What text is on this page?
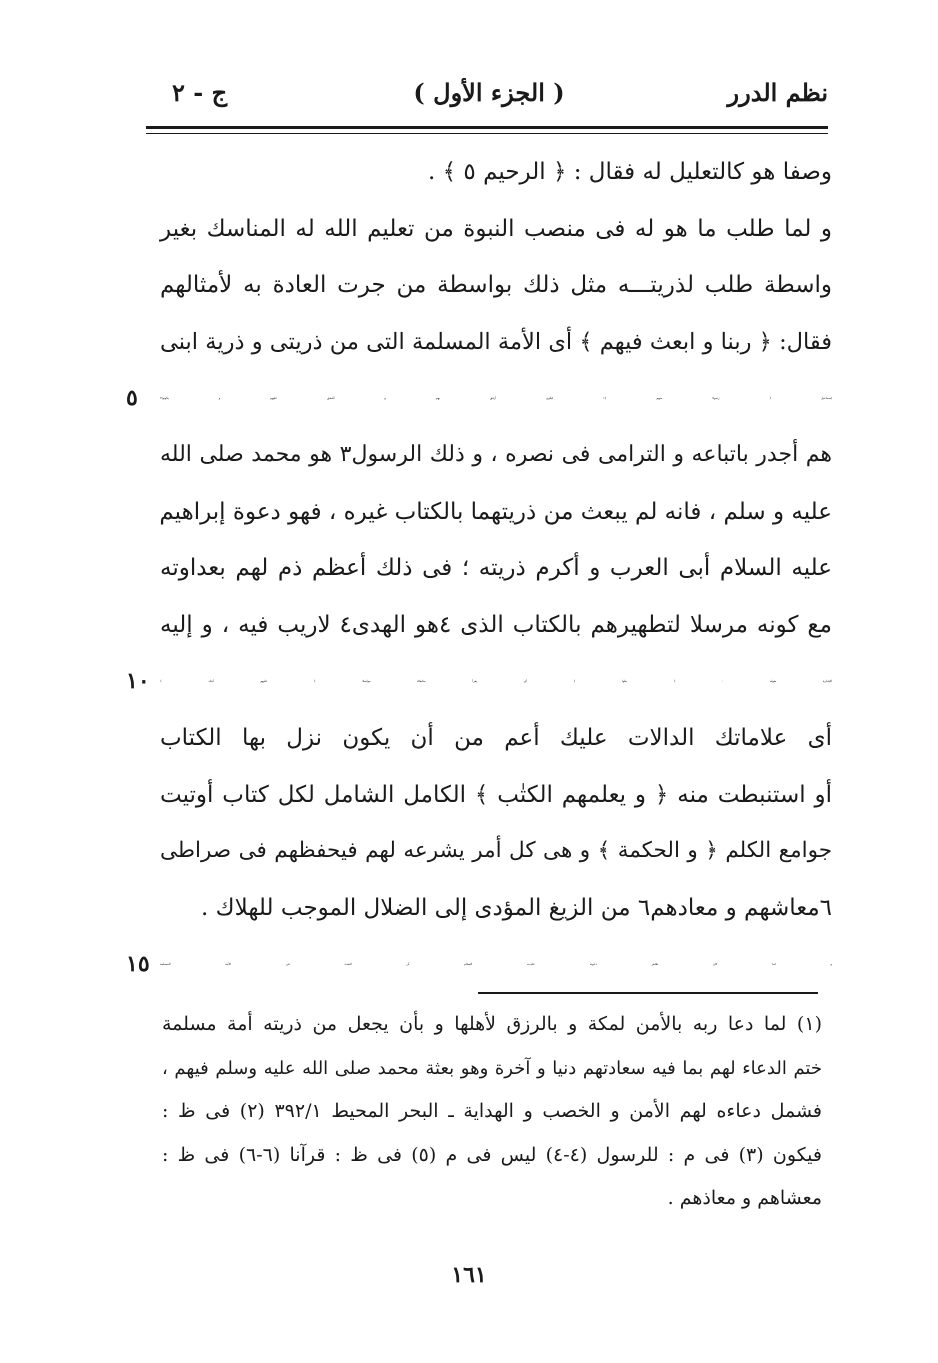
نظم الدرر
( الجزء الأول )
ج - ٢
وصفا هو كالتعليل له فقال : ﴿ الرحيم ٥ ﴾ .
و لما طلب ما هو له فى منصب النبوة من تعليم الله له المناسك بغير
واسطة طلب لذريتـــه مثل ذلك بواسطة من جرت العادة به لأمثالهم
فقال: ﴿ ربنا و ابعث فيهم ﴾ أى الأمة المسلمة التى من ذريتى و ذرية ابنى
إسماعيل ﴿ رسولا منهم ﴾١ ليكون أرفق بهم و أشفق عليهم و يكونوا٢
٥
هم أجدر باتباعه و الترامى فى نصره ، و ذلك الرسول٣ هو محمد صلى الله
عليه و سلم ، فانه لم يبعث من ذريتهما بالكتاب غيره ، فهو دعوة إبراهيم
عليه السلام أبى العرب و أكرم ذريته ؛ فى ذلك أعظم ذم لهم بعداوته
مع كونه مرسلا لتطهيرهم بالكتاب الذى ٤هو الهدى٤ لاريب فيه ، و إليه
الإشارة بقوله : ﴿ يتلوا ﴾ أى يقرأ متابعا٥ مواصلا ﴿ عليهم اٰيٰتك ﴾
١٠
أى علاماتك الدالات عليك أعم من أن يكون نزل بها الكتاب
أو استنبطت منه ﴿ و يعلمهم الكتٰب ﴾ الكامل الشامل لكل كتاب أوتيت
جوامع الكلم ﴿ و الحكمة ﴾ و هى كل أمر يشرعه لهم فيحفظهم فى صراطى
٦معاشهم و معادهم٦ من الزيغ المؤدى إلى الضلال الموجب للهلاك .
و لما كان ظاهر دعوته عليـــه السلام أن البعث فى الأمة المسلمة
١٥
(١) لما دعا ربه بالأمن لمكة و بالرزق لأهلها و بأن يجعل من ذريته أمة مسلمة
ختم الدعاء لهم بما فيه سعادتهم دنيا و آخرة وهو بعثة محمد صلى الله عليه وسلم فيهم ،
فشمل دعاءه لهم الأمن و الخصب و الهداية ـ البحر المحيط ٣٩٢/١ (٢) فى ظ :
فيكون (٣) فى م : للرسول (٤-٤) ليس فى م (٥) فى ظ : قرآنا (٦-٦) فى ظ :
معشاهم و معاذهم .
١٦١
